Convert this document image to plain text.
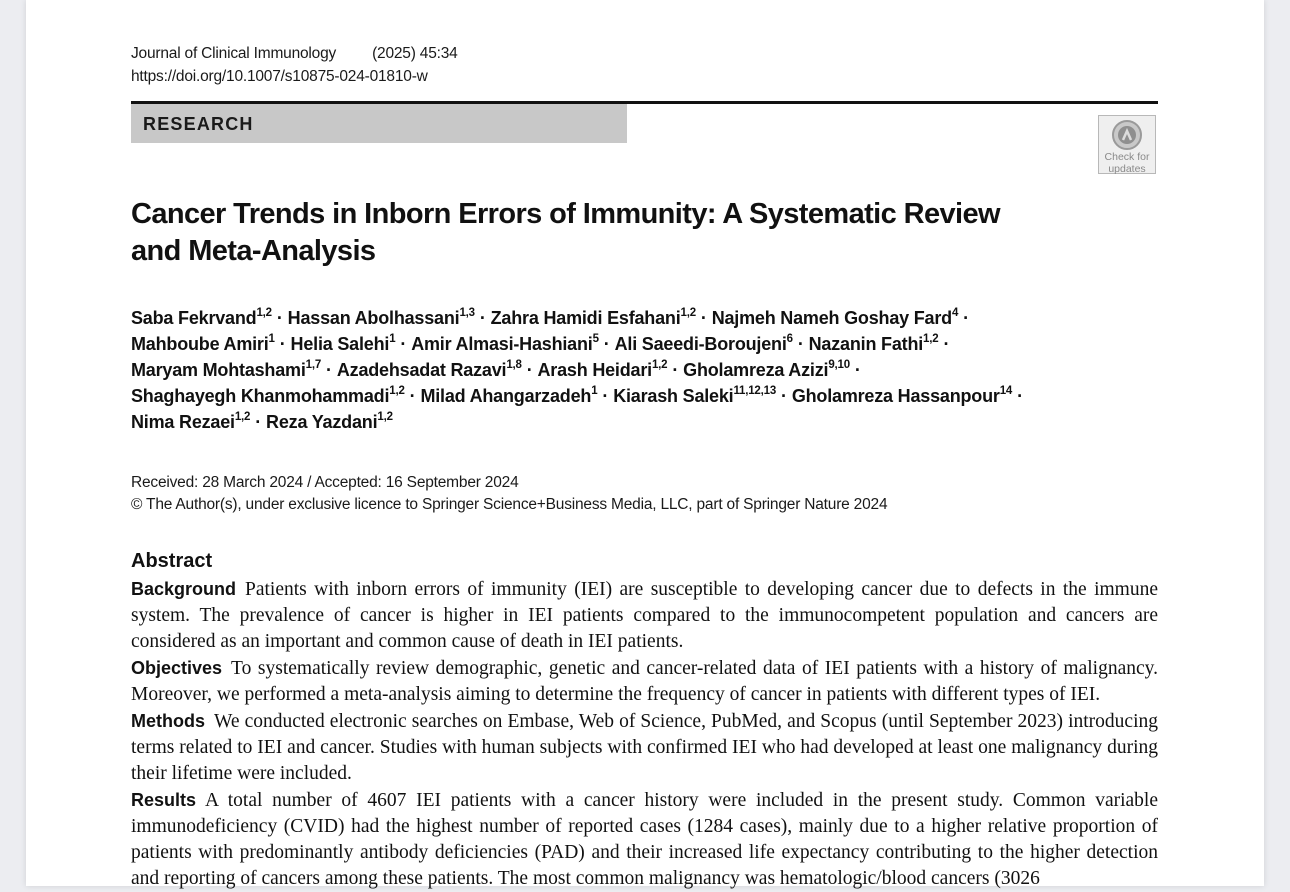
Journal of Clinical Immunology (2025) 45:34
https://doi.org/10.1007/s10875-024-01810-w
RESEARCH
Check for
updates
Cancer Trends in Inborn Errors of Immunity: A Systematic Review and Meta-Analysis
Saba Fekrvand$^{1,2}$ · Hassan Abolhassani$^{1,3}$ · Zahra Hamidi Esfahani$^{1,2}$ · Najmeh Nameh Goshay Fard$^4$ ·
Mahboube Amiri$^1$ · Helia Salehi$^1$ · Amir Almasi-Hashiani$^5$ · Ali Saeedi-Boroujeni$^6$ · Nazanin Fathi$^{1,2}$ ·
Maryam Mohtashami$^{1,7}$ · Azadehsadat Razavi$^{1,8}$ · Arash Heidari$^{1,2}$ · Gholamreza Azizi$^{9,10}$ ·
Shaghayegh Khanmohammadi$^{1,2}$ · Milad Ahangarzadeh$^1$ · Kiarash Saleki$^{11,12,13}$ · Gholamreza Hassanpour$^{14}$ ·
Nima Rezaei$^{1,2}$ · Reza Yazdani$^{1,2}$
Received: 28 March 2024 / Accepted: 16 September 2024
© The Author(s), under exclusive licence to Springer Science+Business Media, LLC, part of Springer Nature 2024
Abstract

Background Patients with inborn errors of immunity (IEI) are susceptible to developing cancer due to defects in the immune system. The prevalence of cancer is higher in IEI patients compared to the immunocompetent population and cancers are considered as an important and common cause of death in IEI patients.

Objectives To systematically review demographic, genetic and cancer-related data of IEI patients with a history of malignancy. Moreover, we performed a meta-analysis aiming to determine the frequency of cancer in patients with different types of IEI.

Methods We conducted electronic searches on Embase, Web of Science, PubMed, and Scopus (until September 2023) introducing terms related to IEI and cancer. Studies with human subjects with confirmed IEI who had developed at least one malignancy during their lifetime were included.

Results A total number of 4607 IEI patients with a cancer history were included in the present study. Common variable immunodeficiency (CVID) had the highest number of reported cases (1284 cases), mainly due to a higher relative proportion of patients with predominantly antibody deficiencies (PAD) and their increased life expectancy contributing to the higher detection and reporting of cancers among these patients. The most common malignancy was hematologic/blood cancers (3026
